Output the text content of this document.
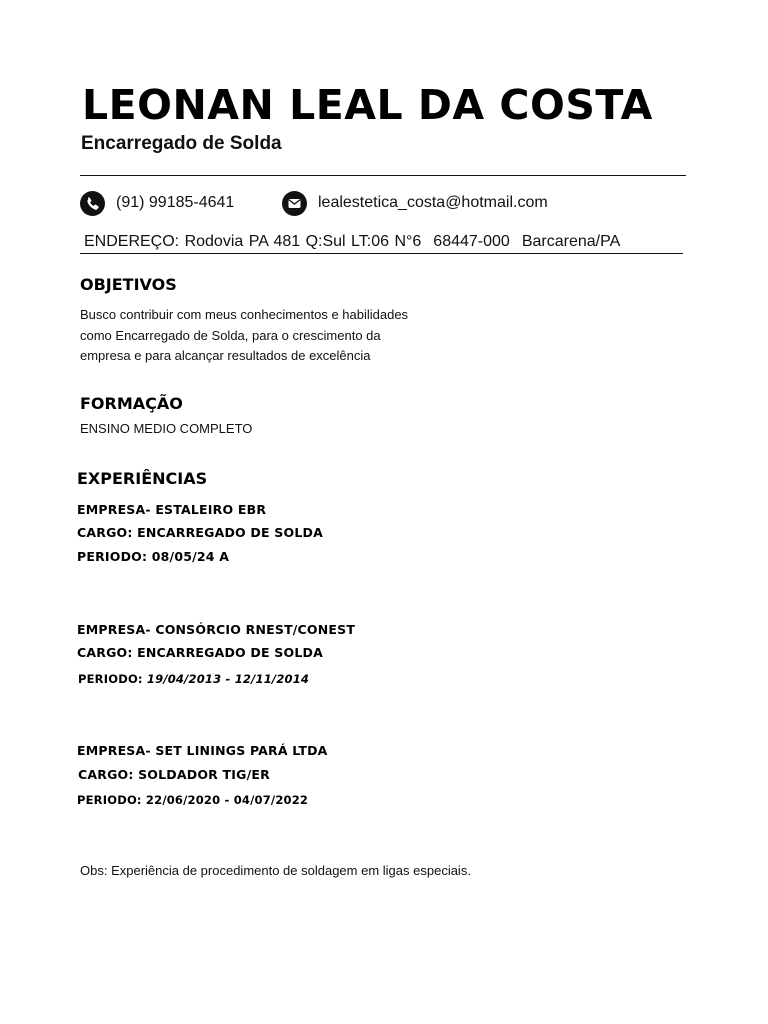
LEONAN LEAL DA COSTA
Encarregado de Solda
(91) 99185-4641	lealestetica_costa@hotmail.com
ENDEREÇO: Rodovia PA 481 Q:Sul LT:06 N°6 68447-000 Barcarena/PA
OBJETIVOS
Busco contribuir com meus conhecimentos e habilidades
como Encarregado de Solda, para o crescimento da
empresa e para alcançar resultados de excelência
FORMAÇÃO
ENSINO MEDIO COMPLETO
EXPERIÊNCIAS
EMPRESA- ESTALEIRO EBR
CARGO: ENCARREGADO DE SOLDA
PERIODO: 08/05/24 A
EMPRESA- CONSÓRCIO RNEST/CONEST
CARGO: ENCARREGADO DE SOLDA
PERIODO: 19/04/2013 - 12/11/2014
EMPRESA- SET LININGS PARÁ LTDA
CARGO: SOLDADOR TIG/ER
PERIODO: 22/06/2020 - 04/07/2022
Obs: Experiência de procedimento de soldagem em ligas especiais.
